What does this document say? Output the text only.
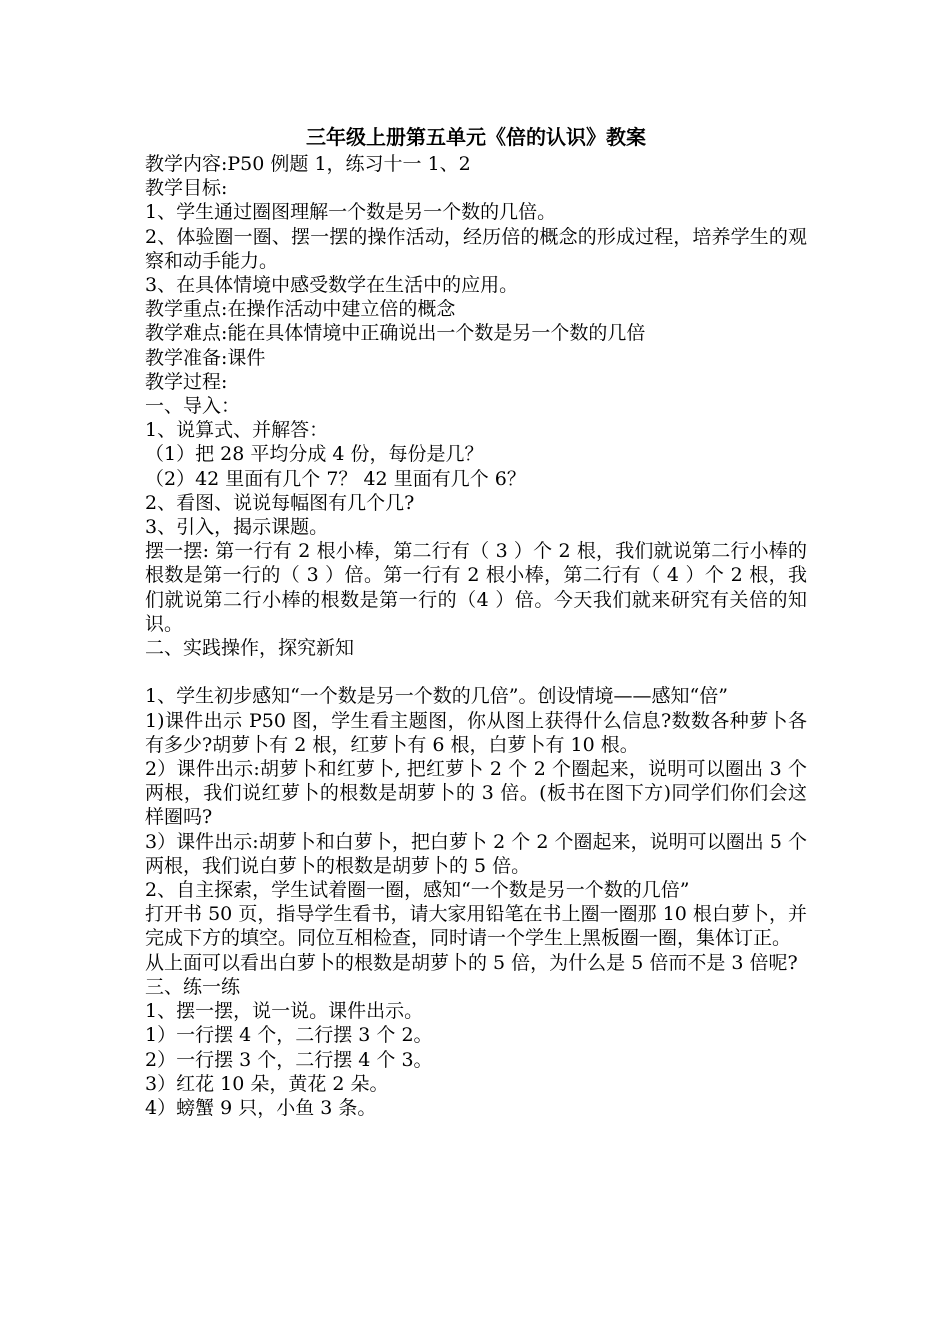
三年级上册第五单元《倍的认识》教案

教学内容:P50 例题 1，练习十一 1、2

教学目标:

1、学生通过圈图理解一个数是另一个数的几倍。

2、体验圈一圈、摆一摆的操作活动，经历倍的概念的形成过程，培养学生的观察和动手能力。

3、在具体情境中感受数学在生活中的应用。

教学重点:在操作活动中建立倍的概念

教学难点:能在具体情境中正确说出一个数是另一个数的几倍

教学准备:课件

教学过程:

一、导入：

1、说算式、并解答：

（1）把 28 平均分成 4 份，每份是几？

（2）42 里面有几个 7？ 42 里面有几个 6？

2、看图、说说每幅图有几个几?

3、引入，揭示课题。

摆一摆: 第一行有 2 根小棒，第二行有（ 3 ）个 2 根，我们就说第二行小棒的根数是第一行的（ 3 ）倍。第一行有 2 根小棒，第二行有（ 4 ）个 2 根，我们就说第二行小棒的根数是第一行的（4 ）倍。今天我们就来研究有关倍的知识。

二、实践操作，探究新知

1、学生初步感知“一个数是另一个数的几倍”。创设情境——感知“倍”

1)课件出示 P50 图，学生看主题图，你从图上获得什么信息?数数各种萝卜各有多少?胡萝卜有 2 根，红萝卜有 6 根，白萝卜有 10 根。

2）课件出示:胡萝卜和红萝卜, 把红萝卜 2 个 2 个圈起来，说明可以圈出 3 个两根，我们说红萝卜的根数是胡萝卜的 3 倍。(板书在图下方)同学们你们会这样圈吗?

3）课件出示:胡萝卜和白萝卜，把白萝卜 2 个 2 个圈起来，说明可以圈出 5 个两根，我们说白萝卜的根数是胡萝卜的 5 倍。

2、自主探索，学生试着圈一圈，感知“一个数是另一个数的几倍”

打开书 50 页，指导学生看书，请大家用铅笔在书上圈一圈那 10 根白萝卜，并完成下方的填空。同位互相检查，同时请一个学生上黑板圈一圈，集体订正。

从上面可以看出白萝卜的根数是胡萝卜的 5 倍，为什么是 5 倍而不是 3 倍呢?

三、练一练

1、摆一摆，说一说。课件出示。

1）一行摆 4 个，二行摆 3 个 2。

2）一行摆 3 个，二行摆 4 个 3。

3）红花 10 朵，黄花 2 朵。

4）螃蟹 9 只，小鱼 3 条。
